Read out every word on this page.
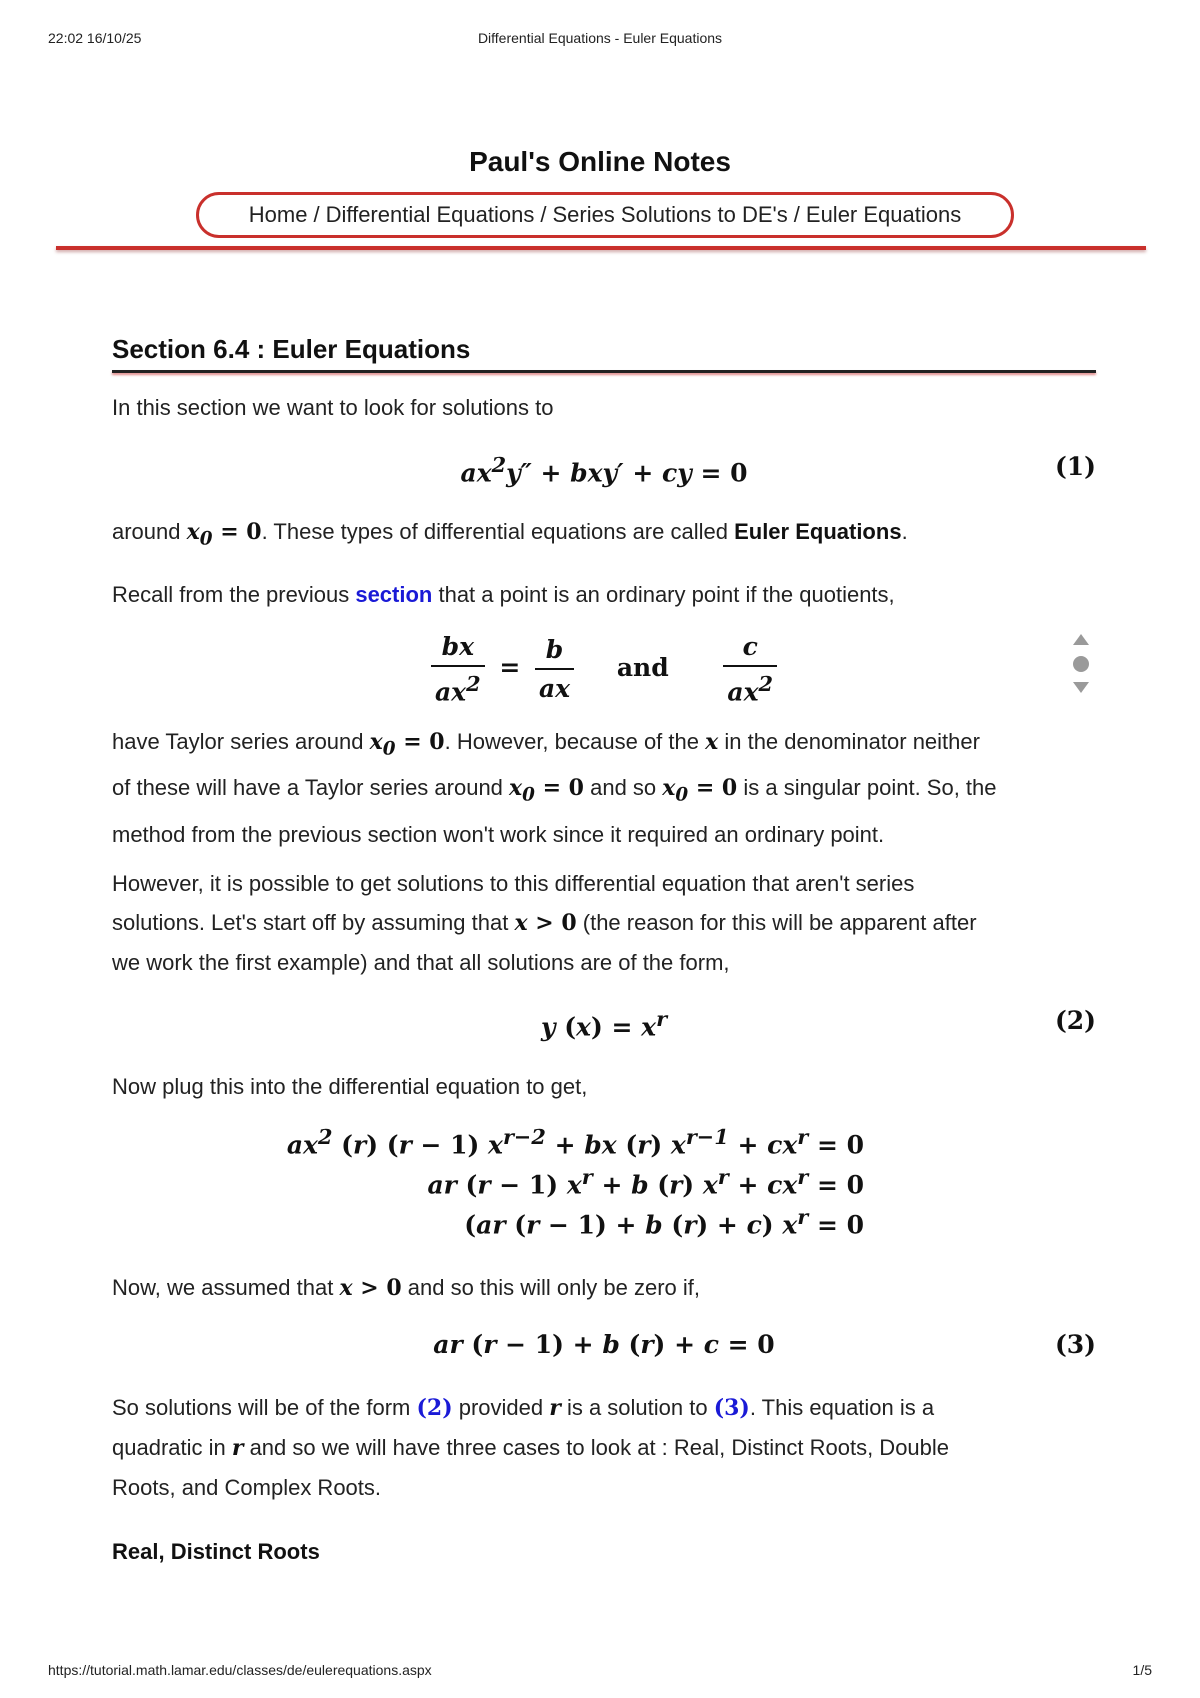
22:02 16/10/25	Differential Equations - Euler Equations
Paul's Online Notes
Home / Differential Equations / Series Solutions to DE's / Euler Equations
Section 6.4 : Euler Equations

In this section we want to look for solutions to

$ax^2y'' + bxy'$ + cy = 0	(1)

around $x_0 = 0$. These types of differential equations are called Euler Equations.

Recall from the previous section that a point is an ordinary point if the quotients,

$\frac{bx}{ax^2} = \frac{b}{ax}$ and $\frac{c}{ax^2}$

have Taylor series around $x_0 = 0$. However, because of the x in the denominator neither
of these will have a Taylor series around $x_0 = 0$ and so $x_0 = 0$ is a singular point. So, the
method from the previous section won't work since it required an ordinary point.

However, it is possible to get solutions to this differential equation that aren't series
solutions. Let's start off by assuming that x > 0 (the reason for this will be apparent after
we work the first example) and that all solutions are of the form,

y $(x) = x^r$	(2)

Now plug this into the differential equation to get,

$ax^2$ (r) (r − 1) $x^{r-2}$ + bx (r) $x^{r-1} + cx^r = 0$
ar (r − 1) $x^r + b$ (r) $x^r + cx^r = 0$
(ar (r − 1) + b (r) + c) $x^r = 0$

Now, we assumed that x > 0 and so this will only be zero if,

ar (r − 1) + b (r) + c = 0	(3)

So solutions will be of the form (2) provided r is a solution to (3). This equation is a
quadratic in r and so we will have three cases to look at : Real, Distinct Roots, Double
Roots, and Complex Roots.

Real, Distinct Roots

https://tutorial.math.lamar.edu/classes/de/eulerequations.aspx	1/5
